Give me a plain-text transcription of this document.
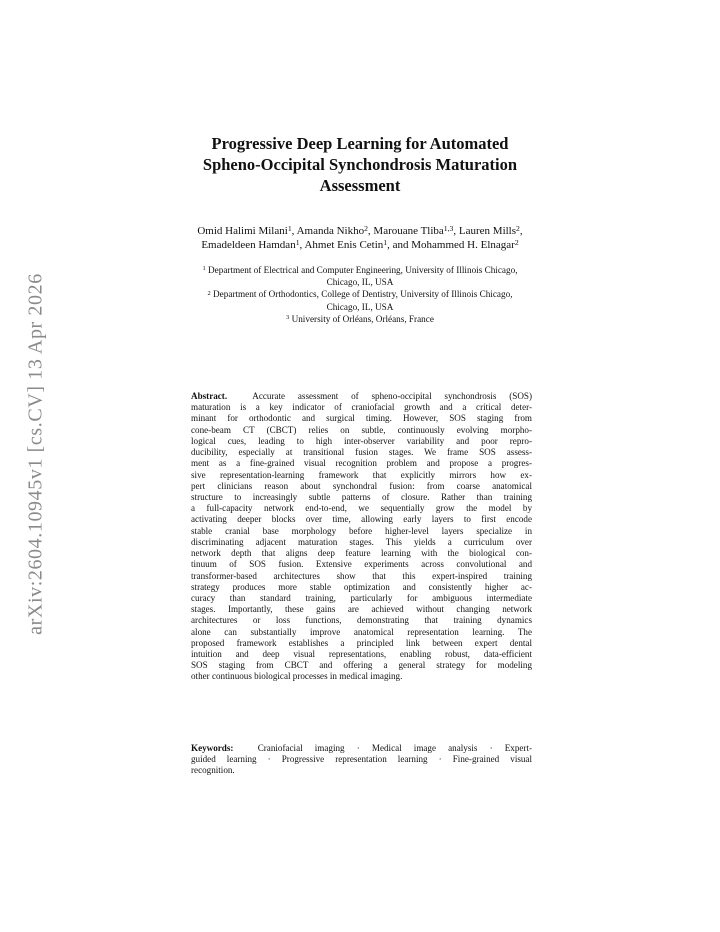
arXiv:2604.10945v1 [cs.CV] 13 Apr 2026
Progressive Deep Learning for Automated
Spheno-Occipital Synchondrosis Maturation
Assessment
Omid Halimi Milani$^1$, Amanda Nikho$^2$, Marouane Tliba$^{1,3}$, Lauren Mills$^2$,
Emadeldeen Hamdan$^1$, Ahmet Enis Cetin$^1$, and Mohammed H. Elnagar$^2$
$^1$ Department of Electrical and Computer Engineering, University of Illinois Chicago,
Chicago, IL, USA
$^2$ Department of Orthodontics, College of Dentistry, University of Illinois Chicago,
Chicago, IL, USA
$^3$ University of Orléans, Orléans, France
Abstract.	Accurate assessment of spheno-occipital synchondrosis (SOS)
maturation is a key indicator of craniofacial growth and a critical deter-
minant for orthodontic and surgical timing. However, SOS staging from
cone-beam CT (CBCT) relies on subtle, continuously evolving morpho-
logical cues, leading to high inter-observer variability and poor repro-
ducibility, especially at transitional fusion stages. We frame SOS assess-
ment as a fine-grained visual recognition problem and propose a progres-
sive representation-learning framework that explicitly mirrors how ex-
pert clinicians reason about synchondral fusion: from coarse anatomical
structure to increasingly subtle patterns of closure. Rather than training
a full-capacity network end-to-end, we sequentially grow the model by
activating deeper blocks over time, allowing early layers to first encode
stable cranial base morphology before higher-level layers specialize in
discriminating adjacent maturation stages. This yields a curriculum over
network depth that aligns deep feature learning with the biological con-
tinuum of SOS fusion. Extensive experiments across convolutional and
transformer-based architectures show that this expert-inspired training
strategy produces more stable optimization and consistently higher ac-
curacy than standard training, particularly for ambiguous intermediate
stages. Importantly, these gains are achieved without changing network
architectures or loss functions, demonstrating that training dynamics
alone can substantially improve anatomical representation learning. The
proposed framework establishes a principled link between expert dental
intuition and deep visual representations, enabling robust, data-efficient
SOS staging from CBCT and offering a general strategy for modeling
other continuous biological processes in medical imaging.
Keywords:	Craniofacial imaging · Medical image analysis · Expert-
guided learning · Progressive representation learning · Fine-grained visual
recognition.
